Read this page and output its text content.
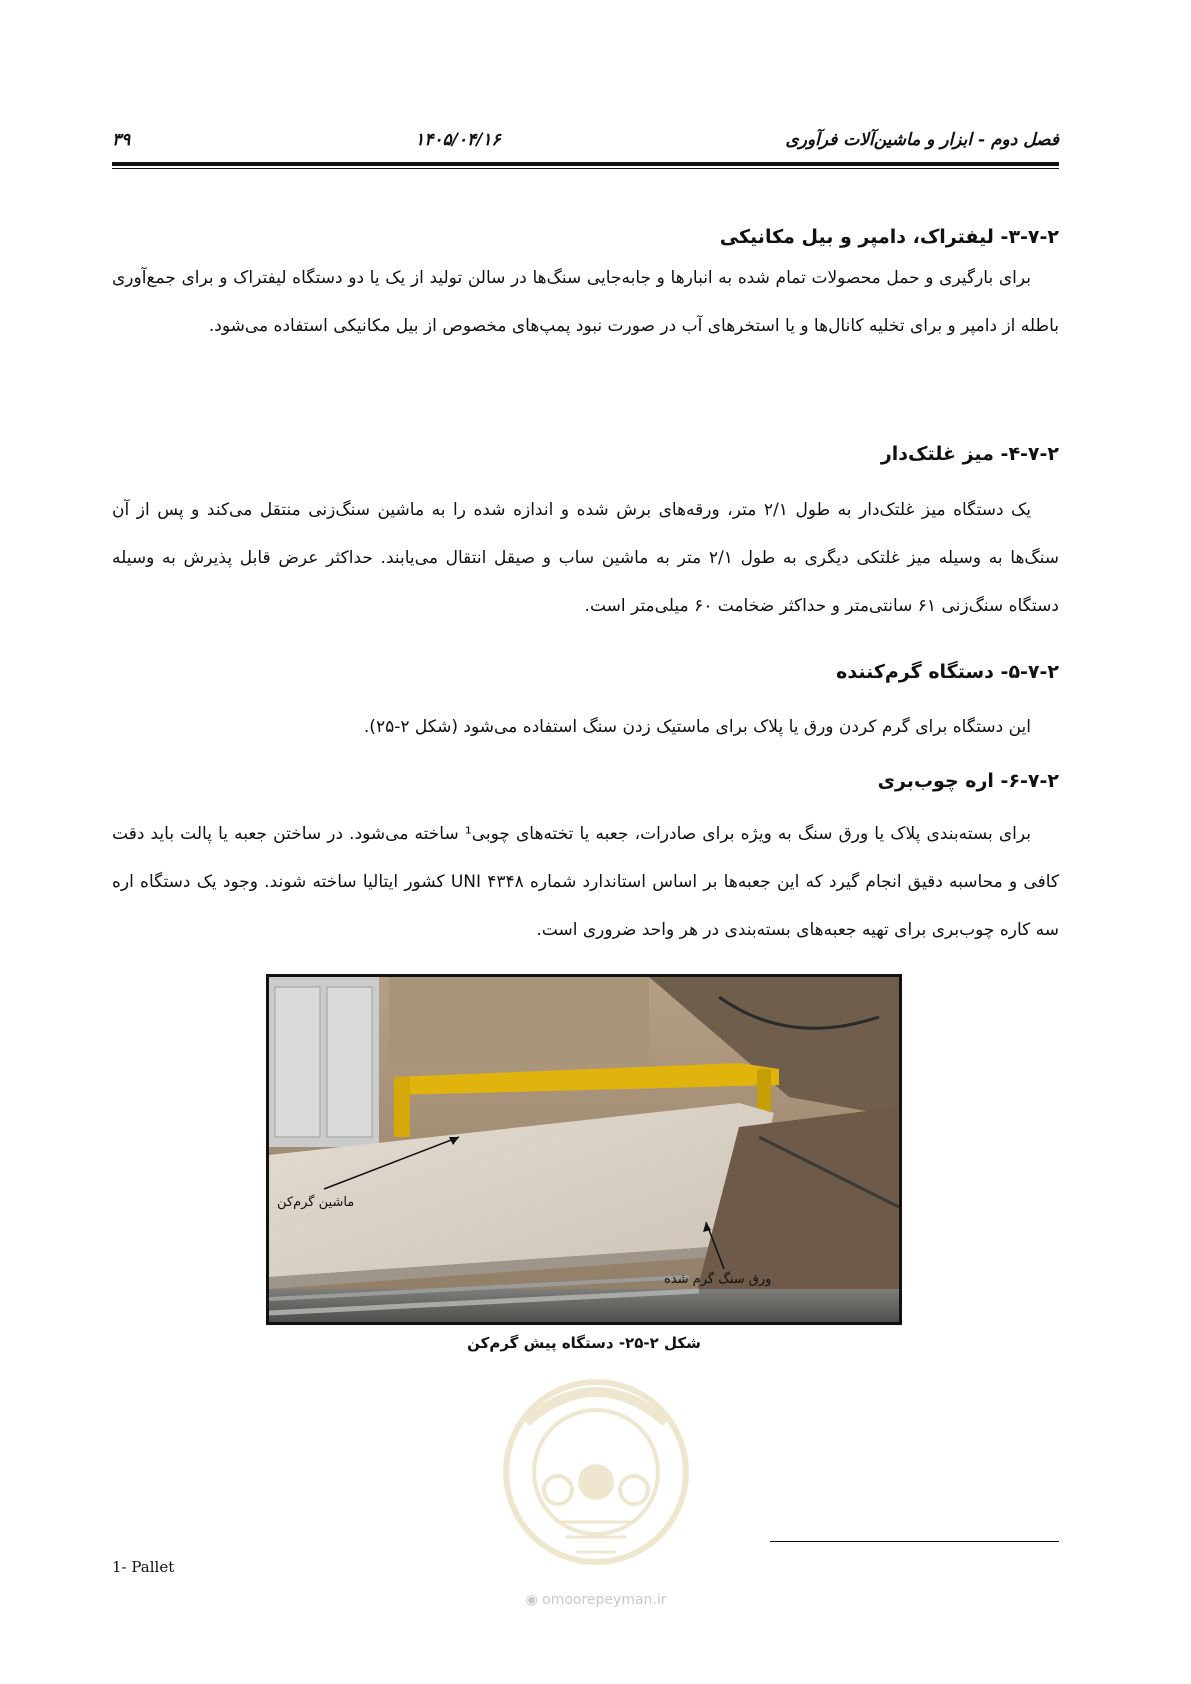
فصل دوم - ابزار و ماشین‌آلات فرآوری
۱۴۰۵/۰۴/۱۶
۳۹
۳-۷-۲- لیفتراک، دامپر و بیل مکانیکی

برای بارگیری و حمل محصولات تمام شده به انبارها و جابه‌جایی سنگ‌ها در سالن تولید از یک یا دو دستگاه لیفتراک و برای جمع‌آوری باطله از دامپر و برای تخلیه کانال‌ها و یا استخرهای آب در صورت نبود پمپ‌های مخصوص از بیل مکانیکی استفاده می‌شود.

۴-۷-۲- میز غلتک‌دار

یک دستگاه میز غلتک‌دار به طول ۲/۱ متر، ورقه‌های برش شده و اندازه شده را به ماشین سنگ‌زنی منتقل می‌کند و پس از آن سنگ‌ها به وسیله میز غلتکی دیگری به طول ۲/۱ متر به ماشین ساب و صیقل انتقال می‌یابند. حداکثر عرض قابل پذیرش به وسیله دستگاه سنگ‌زنی ۶۱ سانتی‌متر و حداکثر ضخامت ۶۰ میلی‌متر است.

۵-۷-۲- دستگاه گرم‌کننده

این دستگاه برای گرم کردن ورق یا پلاک برای ماستیک زدن سنگ استفاده می‌شود (شکل ۲-۲۵).

۶-۷-۲- اره چوب‌بری

برای بسته‌بندی پلاک یا ورق سنگ به ویژه برای صادرات، جعبه یا تخته‌های چوبی¹ ساخته می‌شود. در ساختن جعبه یا پالت باید دقت کافی و محاسبه دقیق انجام گیرد که این جعبه‌ها بر اساس استاندارد شماره UNI ۴۳۴۸ کشور ایتالیا ساخته شوند. وجود یک دستگاه اره سه کاره چوب‌بری برای تهیه جعبه‌های بسته‌بندی در هر واحد ضروری است.

ماشین گرم‌کن
ورق سنگ گرم شده
شکل ۲-۲۵- دستگاه پیش گرم‌کن
◉ omoorepeyman.ir
1- Pallet
